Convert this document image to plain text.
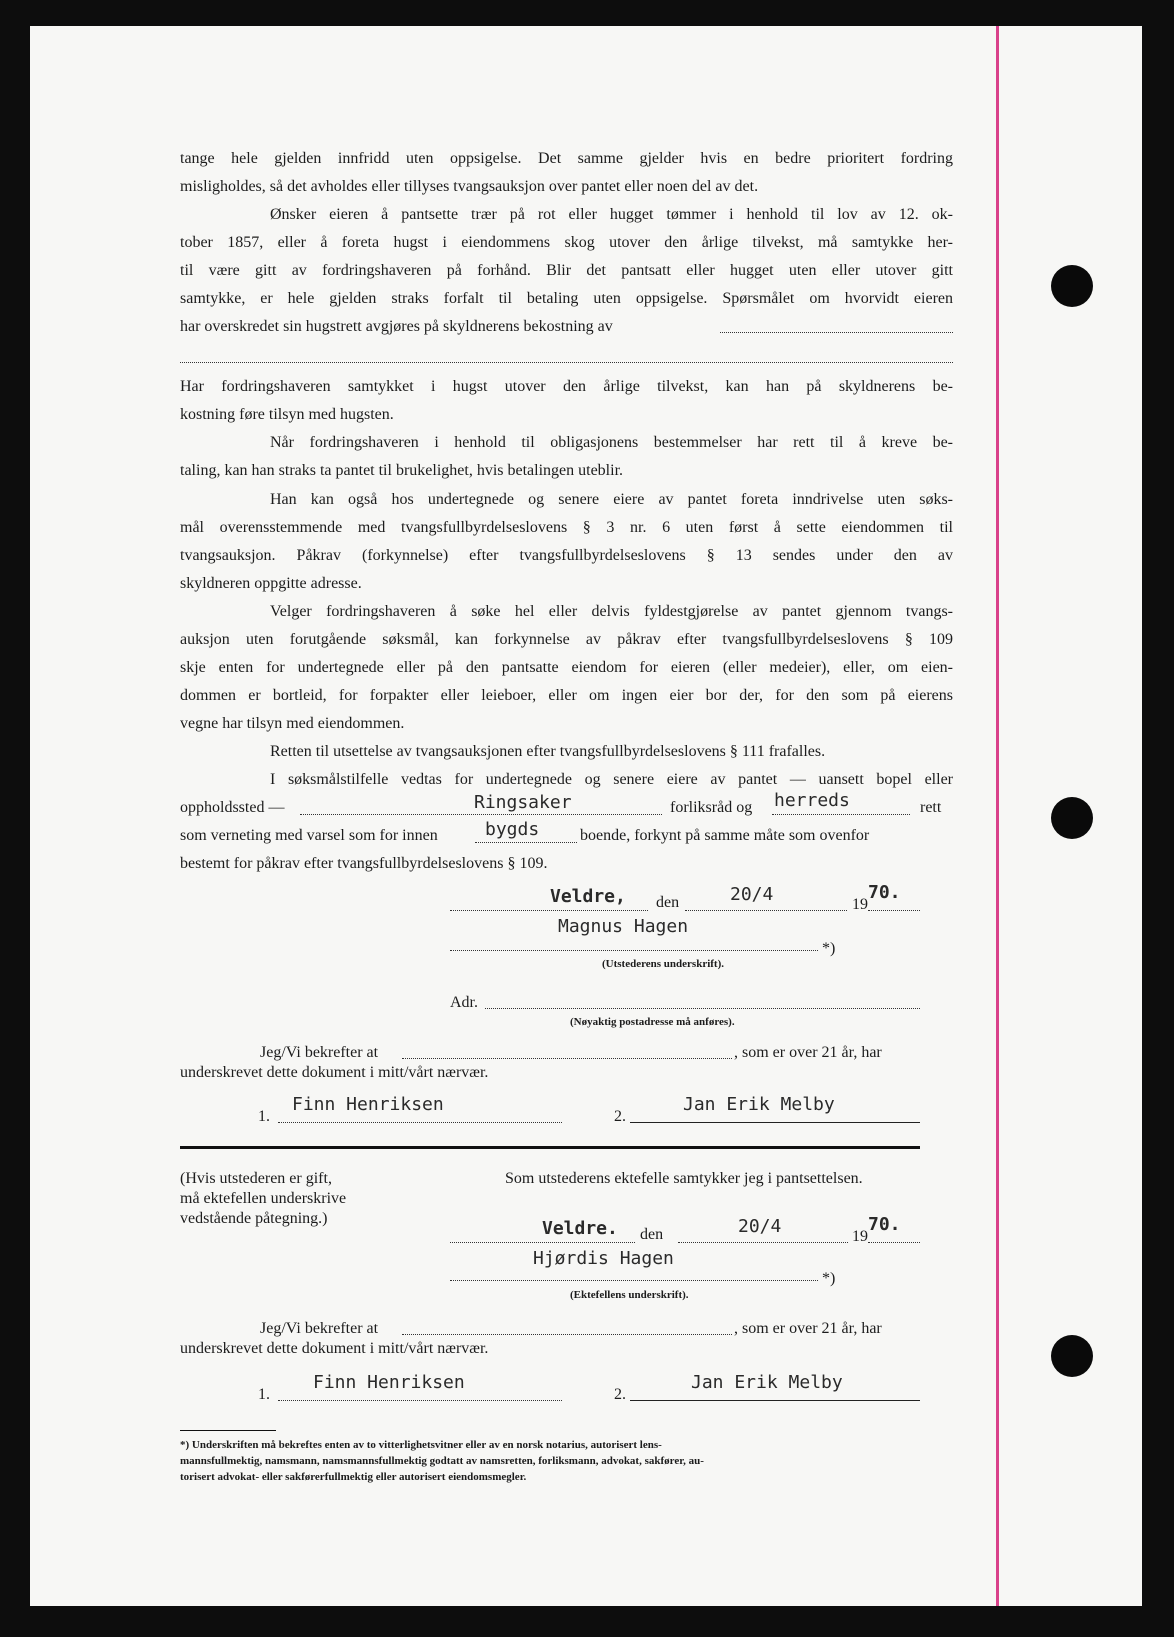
tange hele gjelden innfridd uten oppsigelse. Det samme gjelder hvis en bedre prioritert fordring
misligholdes, så det avholdes eller tillyses tvangsauksjon over pantet eller noen del av det.
Ønsker eieren å pantsette trær på rot eller hugget tømmer i henhold til lov av 12. ok-
tober 1857, eller å foreta hugst i eiendommens skog utover den årlige tilvekst, må samtykke her-
til være gitt av fordringshaveren på forhånd. Blir det pantsatt eller hugget uten eller utover gitt
samtykke, er hele gjelden straks forfalt til betaling uten oppsigelse. Spørsmålet om hvorvidt eieren
har overskredet sin hugstrett avgjøres på skyldnerens bekostning av
Har fordringshaveren samtykket i hugst utover den årlige tilvekst, kan han på skyldnerens be-
kostning føre tilsyn med hugsten.
Når fordringshaveren i henhold til obligasjonens bestemmelser har rett til å kreve be-
taling, kan han straks ta pantet til brukelighet, hvis betalingen uteblir.
Han kan også hos undertegnede og senere eiere av pantet foreta inndrivelse uten søks-
mål overensstemmende med tvangsfullbyrdelseslovens § 3 nr. 6 uten først å sette eiendommen til
tvangsauksjon. Påkrav (forkynnelse) efter tvangsfullbyrdelseslovens § 13 sendes under den av
skyldneren oppgitte adresse.
Velger fordringshaveren å søke hel eller delvis fyldestgjørelse av pantet gjennom tvangs-
auksjon uten forutgående søksmål, kan forkynnelse av påkrav efter tvangsfullbyrdelseslovens § 109
skje enten for undertegnede eller på den pantsatte eiendom for eieren (eller medeier), eller, om eien-
dommen er bortleid, for forpakter eller leieboer, eller om ingen eier bor der, for den som på eierens
vegne har tilsyn med eiendommen.
Retten til utsettelse av tvangsauksjonen efter tvangsfullbyrdelseslovens § 111 frafalles.
I søksmålstilfelle vedtas for undertegnede og senere eiere av pantet — uansett bopel eller
oppholdssted —	Ringsaker	forliksråd og herreds	rett
som verneting med varsel som for innen	bygds	boende, forkynt på samme måte som ovenfor
bestemt for påkrav efter tvangsfullbyrdelseslovens § 109.
Veldre, den	20/4	19
70.
Magnus Hagen
*)
(Utstederens underskrift).
Adr.
(Nøyaktig postadresse må anføres).
Jeg/Vi bekrefter at	, som er over 21 år, har
underskrevet dette dokument i mitt/vårt nærvær.
1.
Finn Henriksen
2.
Jan Erik Melby
(Hvis utstederen er gift,
må ektefellen underskrive
vedstående påtegning.)
Som utstederens ektefelle samtykker jeg i pantsettelsen.
Veldre. den	20/4	19
70.
Hjørdis Hagen
*)
(Ektefellens underskrift).
Jeg/Vi bekrefter at	, som er over 21 år, har
underskrevet dette dokument i mitt/vårt nærvær.
1.
Finn Henriksen
2.
Jan Erik Melby
*) Underskriften må bekreftes enten av to vitterlighetsvitner eller av en norsk notarius, autorisert lens-
mannsfullmektig, namsmann, namsmannsfullmektig godtatt av namsretten, forliksmann, advokat, sakfører, au-
torisert advokat- eller sakførerfullmektig eller autorisert eiendomsmegler.
